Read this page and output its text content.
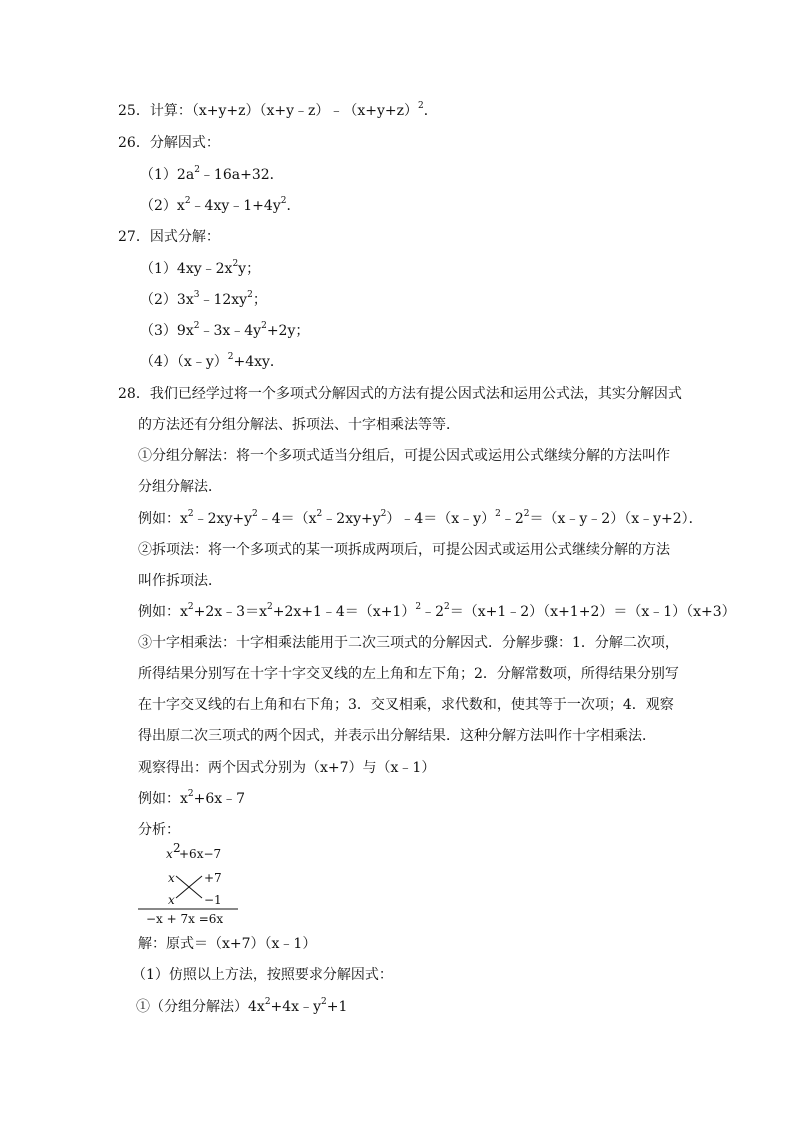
25．计算：$(x+y+z)(x+y﹣z)﹣(x+y+z)^2$．
26．分解因式：
$(1)2a^2﹣16a+32$．
$(2)x^2﹣4xy﹣1+4y^2$．
27．因式分解：
$(1)4xy﹣2x^2y$；
$(2)3x^3﹣12xy^2$；
$(3)9x^2﹣3x﹣4y^2+2y$；
（4）（x﹣y）$^2$+4xy．
28．我们已经学过将一个多项式分解因式的方法有提公因式法和运用公式法，其实分解因式
的方法还有分组分解法、拆项法、十字相乘法等等．
①分组分解法：将一个多项式适当分组后，可提公因式或运用公式继续分解的方法叫作
分组分解法．
例如：$x^2﹣2xy+y^2﹣4=(x^2﹣2xy+y^2)﹣4=(x﹣y)^2﹣2^2=(x﹣y﹣2)(x﹣y+2)$．
②拆项法：将一个多项式的某一项拆成两项后，可提公因式或运用公式继续分解的方法
叫作拆项法．
例如：$x^2+2x﹣3=x^2+2x+1﹣4=(x+1)^2﹣2^2=(x+1﹣2)(x+1+2)=(x﹣1)(x+3)$
③十字相乘法：十字相乘法能用于二次三项式的分解因式．分解步骤：1．分解二次项，
所得结果分别写在十字十字交叉线的左上角和左下角；2．分解常数项，所得结果分别写
在十字交叉线的右上角和右下角；3．交叉相乘，求代数和，使其等于一次项；4．观察
得出原二次三项式的两个因式，并表示出分解结果．这种分解方法叫作十字相乘法．
观察得出：两个因式分别为（x+7）与（x﹣1）
例如：$x^2+6x﹣7$
分析：
x 2
+6x−7
x +7
x −1
−x + 7x =6x
解：原式＝（x+7）（x﹣1）
（1）仿照以上方法，按照要求分解因式：
①（分组分解法）$4x^2+4x﹣y^2+1$
